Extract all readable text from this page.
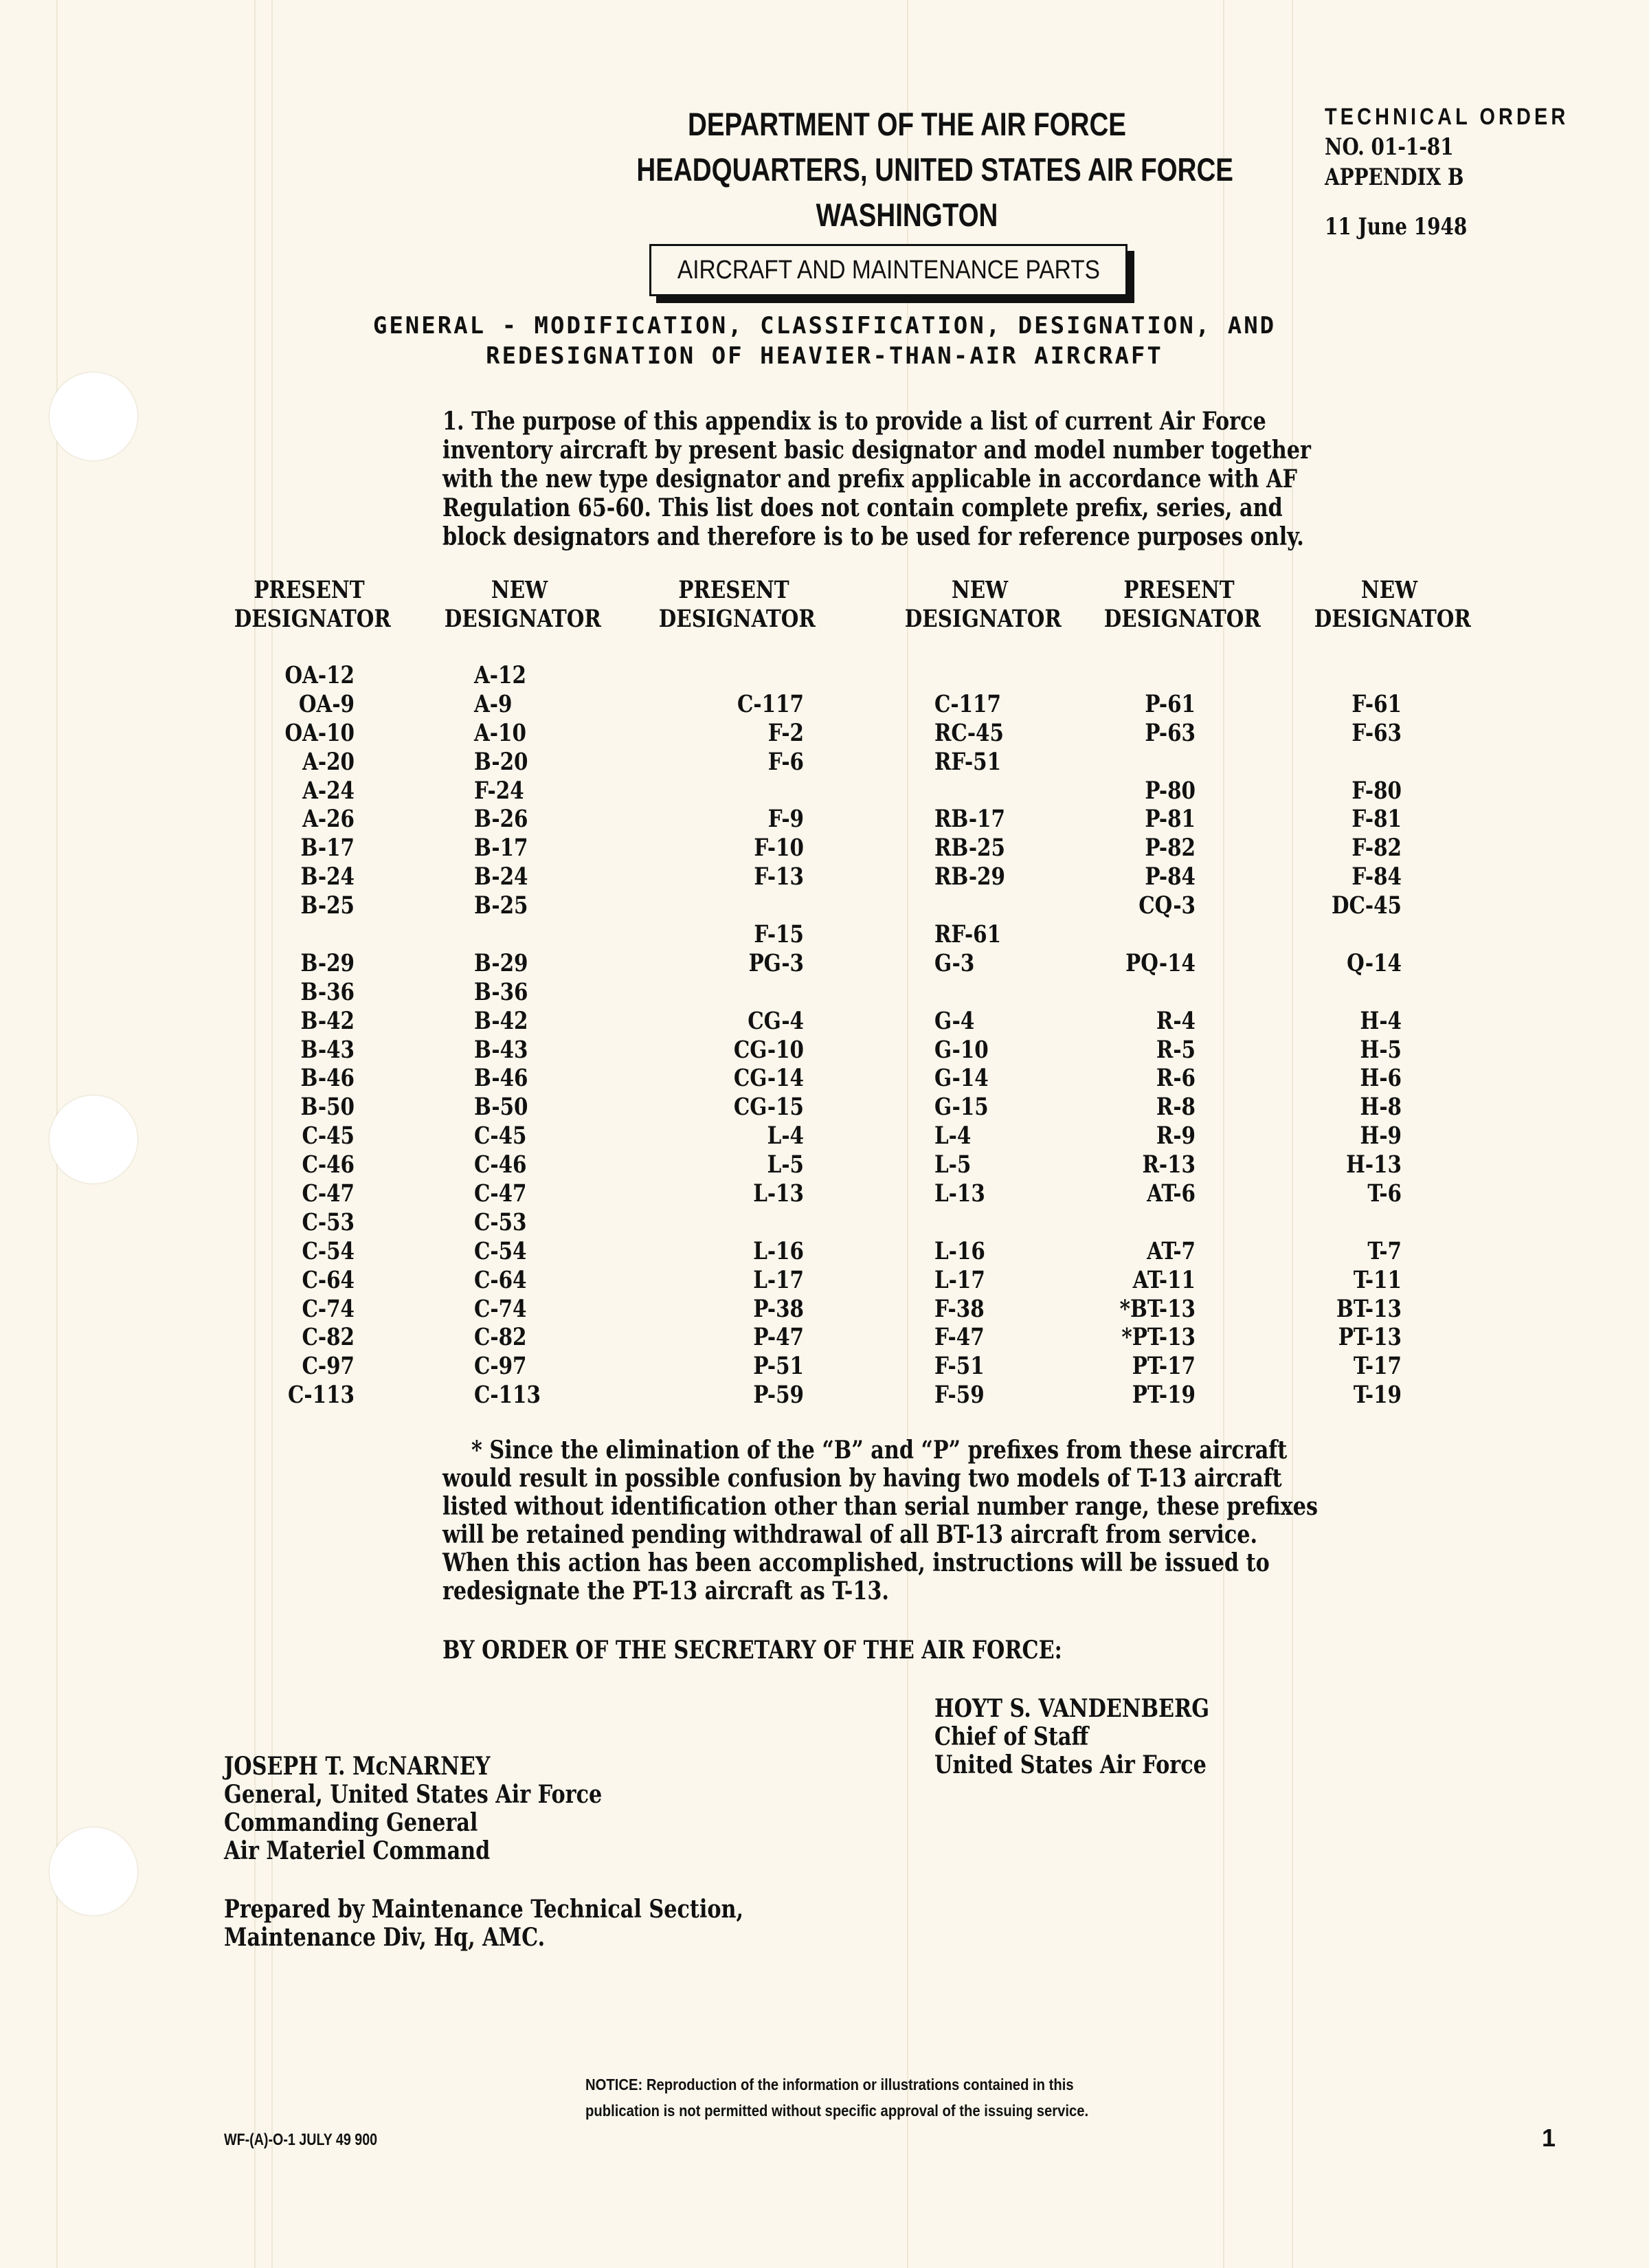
DEPARTMENT OF THE AIR FORCE
HEADQUARTERS, UNITED STATES AIR FORCE
WASHINGTON
AIRCRAFT AND MAINTENANCE PARTS
TECHNICAL ORDER
NO. 01-1-81
APPENDIX B
11 June 1948
GENERAL - MODIFICATION, CLASSIFICATION, DESIGNATION, AND
REDESIGNATION OF HEAVIER-THAN-AIR AIRCRAFT

1. The purpose of this appendix is to provide a list of current Air Force

inventory aircraft by present basic designator and model number together

with the new type designator and prefix applicable in accordance with AF

Regulation 65-60. This list does not contain complete prefix, series, and

block designators and therefore is to be used for reference purposes only.

PRESENT
DESIGNATOR
NEW
DESIGNATOR
PRESENT
DESIGNATOR
NEW
DESIGNATOR
PRESENT
DESIGNATOR
NEW
DESIGNATOR
OA-12
OA-9
OA-10
A-20
A-24
A-26
B-17
B-24
B-25
B-29
B-36
B-42
B-43
B-46
B-50
C-45
C-46
C-47
C-53
C-54
C-64
C-74
C-82
C-97
C-113
A-12
A-9
A-10
B-20
F-24
B-26
B-17
B-24
B-25
B-29
B-36
B-42
B-43
B-46
B-50
C-45
C-46
C-47
C-53
C-54
C-64
C-74
C-82
C-97
C-113
C-117
F-2
F-6
F-9
F-10
F-13
F-15
PG-3
CG-4
CG-10
CG-14
CG-15
L-4
L-5
L-13
L-16
L-17
P-38
P-47
P-51
P-59
C-117
RC-45
RF-51
RB-17
RB-25
RB-29
RF-61
G-3
G-4
G-10
G-14
G-15
L-4
L-5
L-13
L-16
L-17
F-38
F-47
F-51
F-59
P-61
P-63
P-80
P-81
P-82
P-84
CQ-3
PQ-14
R-4
R-5
R-6
R-8
R-9
R-13
AT-6
AT-7
AT-11
*BT-13
*PT-13
PT-17
PT-19
F-61
F-63
F-80
F-81
F-82
F-84
DC-45
Q-14
H-4
H-5
H-6
H-8
H-9
H-13
T-6
T-7
T-11
BT-13
PT-13
T-17
T-19

* Since the elimination of the “B” and “P” prefixes from these aircraft

would result in possible confusion by having two models of T-13 aircraft

listed without identification other than serial number range, these prefixes

will be retained pending withdrawal of all BT-13 aircraft from service.

When this action has been accomplished, instructions will be issued to

redesignate the PT-13 aircraft as T-13.

BY ORDER OF THE SECRETARY OF THE AIR FORCE:
HOYT S. VANDENBERG
Chief of Staff
United States Air Force
JOSEPH T. McNARNEY
General, United States Air Force
Commanding General
Air Materiel Command
Prepared by Maintenance Technical Section,
Maintenance Div, Hq, AMC.
NOTICE: Reproduction of the information or illustrations contained in this
publication is not permitted without specific approval of the issuing service.
WF-(A)-O-1 JULY 49 900	1
